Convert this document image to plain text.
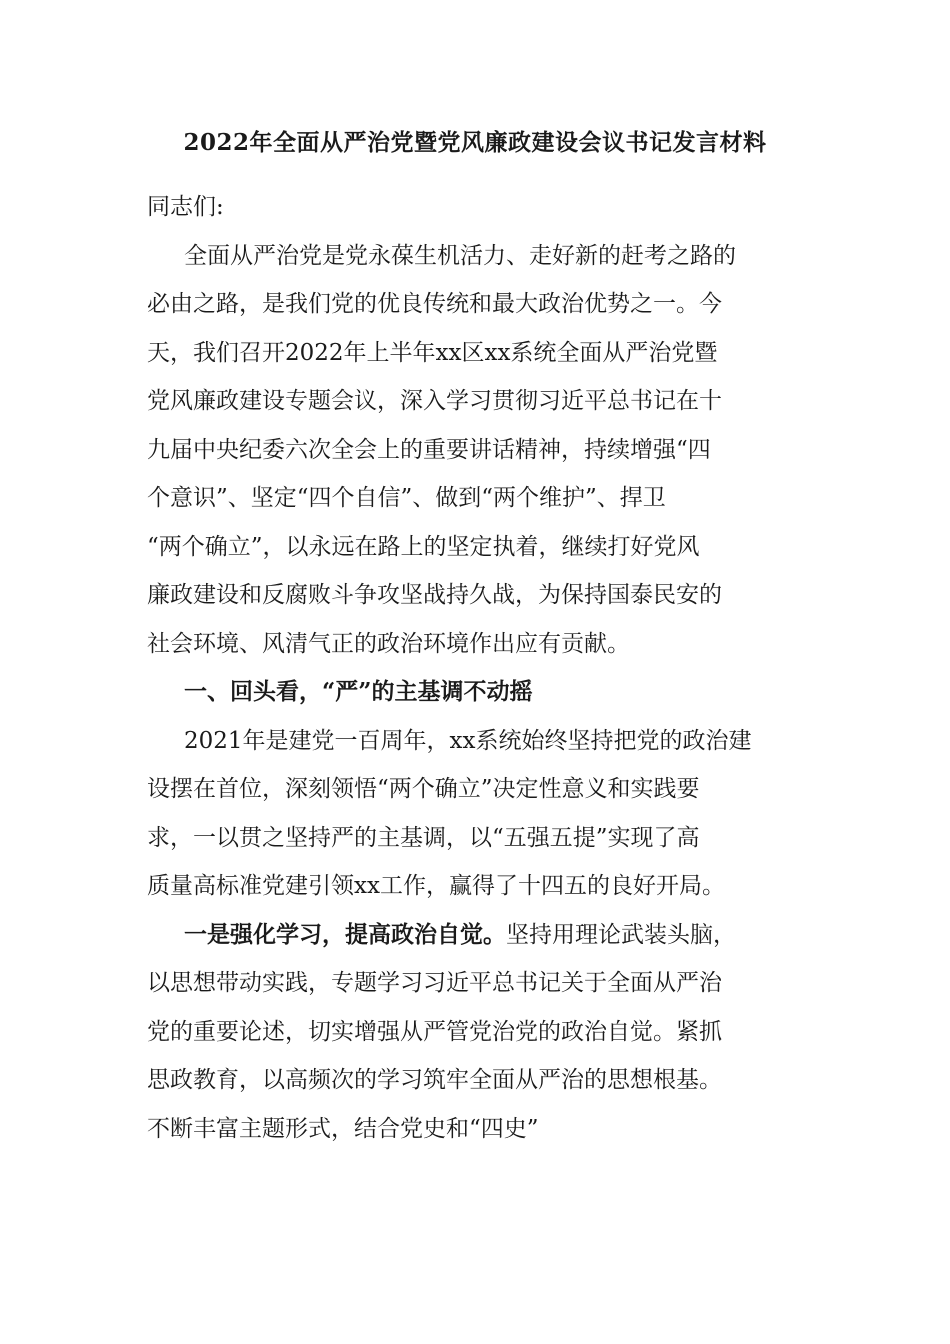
2022年全面从严治党暨党风廉政建设会议书记发言材料

同志们:

全面从严治党是党永葆生机活力、走好新的赶考之路的

必由之路，是我们党的优良传统和最大政治优势之一。今

天，我们召开2022年上半年xx区xx系统全面从严治党暨

党风廉政建设专题会议，深入学习贯彻习近平总书记在十

九届中央纪委六次全会上的重要讲话精神，持续增强“四

个意识”、坚定“四个自信”、做到“两个维护”、捍卫

“两个确立”，以永远在路上的坚定执着，继续打好党风

廉政建设和反腐败斗争攻坚战持久战，为保持国泰民安的

社会环境、风清气正的政治环境作出应有贡献。

一、回头看，“严”的主基调不动摇

2021年是建党一百周年，xx系统始终坚持把党的政治建

设摆在首位，深刻领悟“两个确立”决定性意义和实践要

求，一以贯之坚持严的主基调，以“五强五提”实现了高

质量高标准党建引领xx工作，赢得了十四五的良好开局。

一是强化学习，提高政治自觉。坚持用理论武装头脑，

以思想带动实践，专题学习习近平总书记关于全面从严治

党的重要论述，切实增强从严管党治党的政治自觉。紧抓

思政教育，以高频次的学习筑牢全面从严治的思想根基。

不断丰富主题形式，结合党史和“四史”
